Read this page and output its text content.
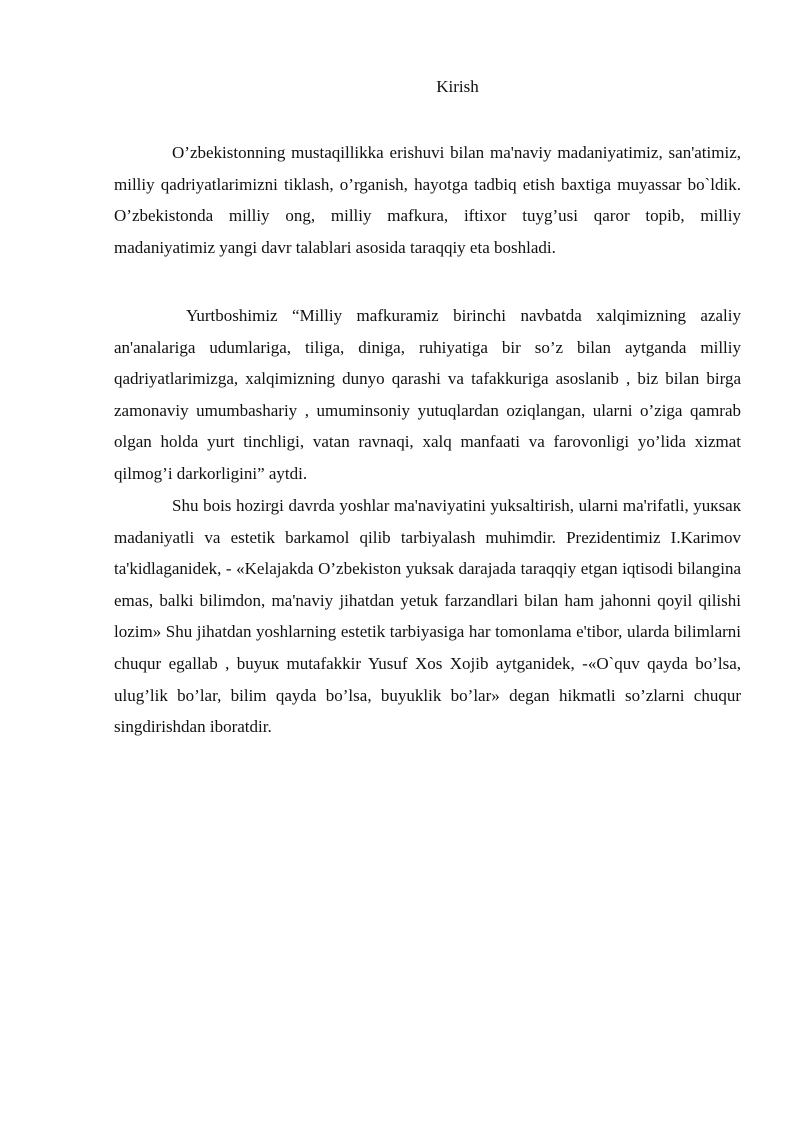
Kirish

O’zbekistonning mustaqillikka erishuvi bilan ma'naviy madaniyatimiz, san'atimiz, milliy qadriyatlarimizni tiklash, o’rganish, hayotga tadbiq etish baxtiga muyassar bo`ldik. O’zbekistonda milliy ong, milliy mafkura, iftixor tuyg’usi qaror topib, milliy madaniyatimiz yangi davr talablari asosida taraqqiy eta boshladi.

Yurtboshimiz “Milliy mafkuramiz birinchi navbatda xalqimizning azaliy an'analariga udumlariga, tiliga, diniga, ruhiyatiga bir so’z bilan aytganda milliy qadriyatlarimizga, xalqimizning dunyo qarashi va tafakkuriga asoslanib , biz bilan birga zamonaviy umumbashariy , umuminsoniy yutuqlardan oziqlangan, ularni o’ziga qamrab olgan holda yurt tinchligi, vatan ravnaqi, xalq manfaati va farovonligi yo’lida xizmat qilmog’i darkorligini” aytdi.

Shu bois hozirgi davrda yoshlar ma'naviyatini yuksaltirish, ularni ma'rifatli, yuкsaк madaniyatli va estetik barkamol qilib tarbiyalash muhimdir. Prezidentimiz I.Karimov ta'kidlaganidek, - «Kelajakda O’zbekiston yuksak darajada taraqqiy etgan iqtisodi bilangina emas, balki bilimdon, ma'naviy jihatdan yetuk farzandlari bilan ham jahonni qoyil qilishi lozim» Shu jihatdan yoshlarning estetik tarbiyasiga har tomonlama e'tibor, ularda bilimlarni chuqur egallab , buyuк mutafakkir Yusuf Xos Xojib aytganidek, -«O`quv qayda bo’lsa, ulug’lik bo’lar, bilim qayda bo’lsa, buyuklik bo’lar» degan hikmatli so’zlarni chuqur singdirishdan iboratdir.
